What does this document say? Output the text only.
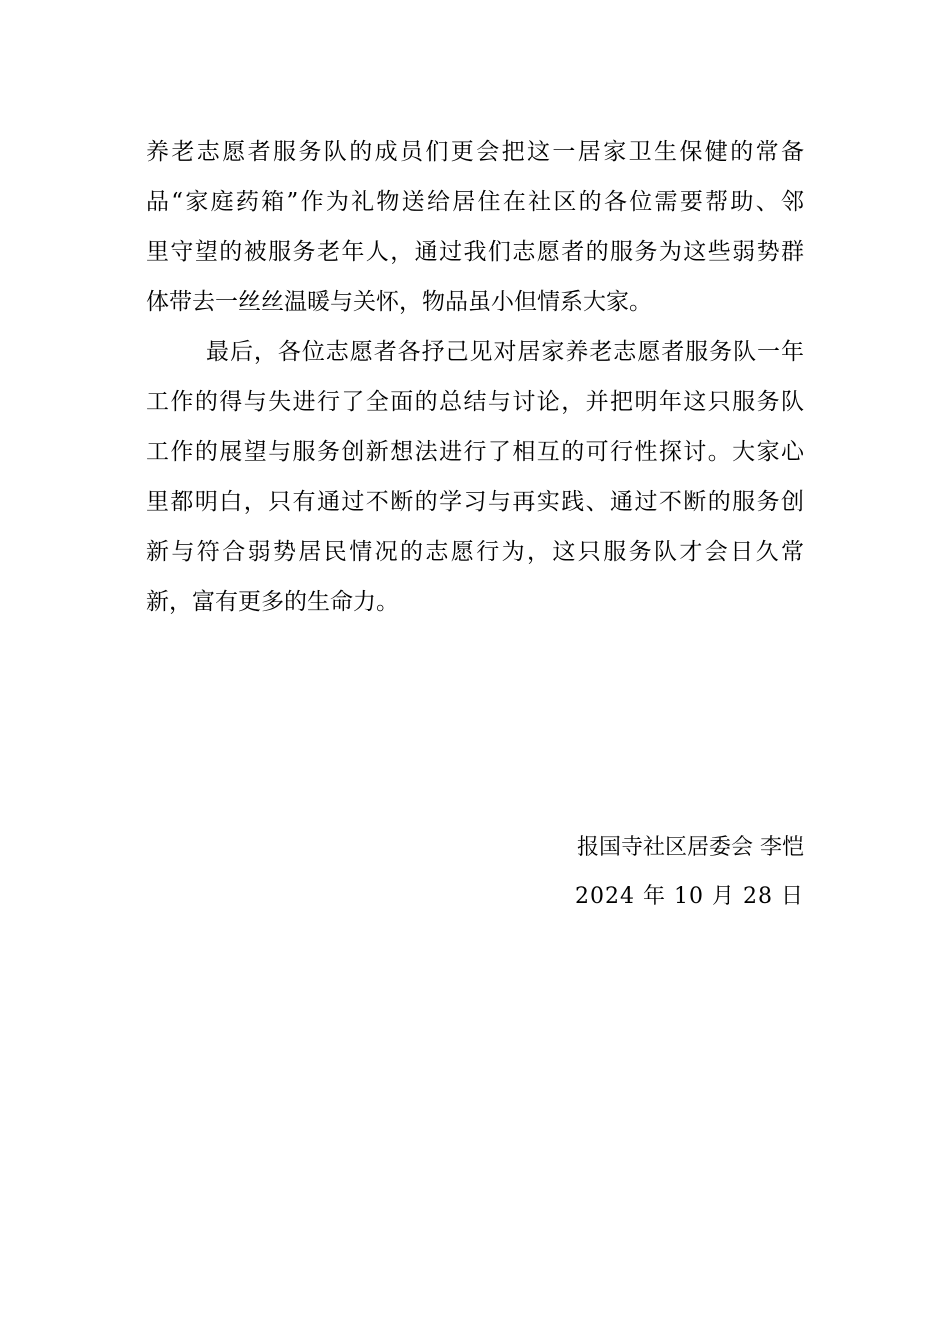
养老志愿者服务队的成员们更会把这一居家卫生保健的常备
品“家庭药箱”作为礼物送给居住在社区的各位需要帮助、邻
里守望的被服务老年人，通过我们志愿者的服务为这些弱势群
体带去一丝丝温暖与关怀，物品虽小但情系大家。
最后，各位志愿者各抒己见对居家养老志愿者服务队一年
工作的得与失进行了全面的总结与讨论，并把明年这只服务队
工作的展望与服务创新想法进行了相互的可行性探讨。大家心
里都明白，只有通过不断的学习与再实践、通过不断的服务创
新与符合弱势居民情况的志愿行为，这只服务队才会日久常
新，富有更多的生命力。
报国寺社区居委会 李恺
2024 年 10 月 28 日
